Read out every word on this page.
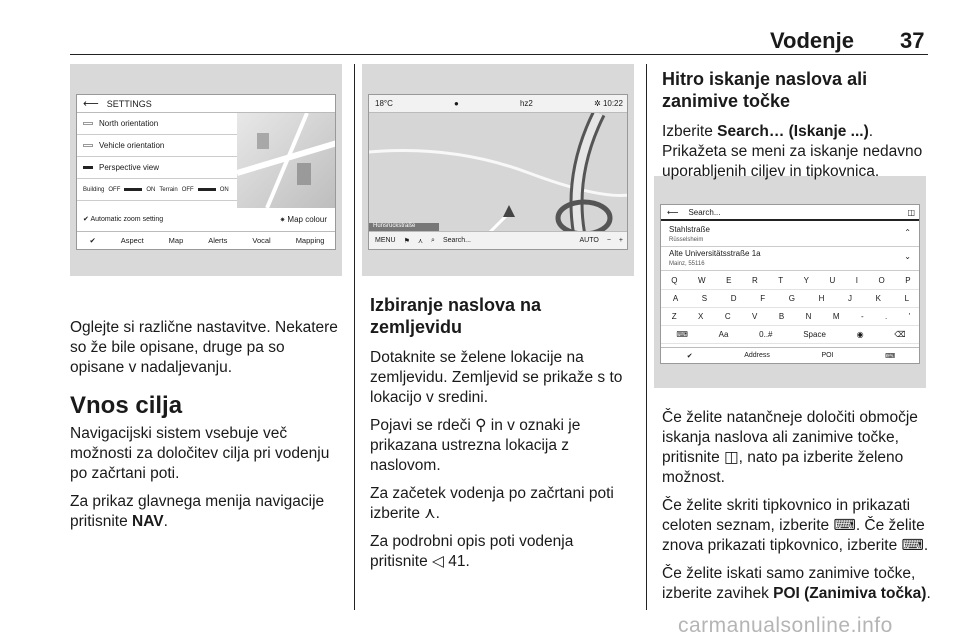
Vodenje 37
⟵ SETTINGS
North orientation
Vehicle orientation
Perspective view
Building OFF	ON Terrain OFF	ON
✔ Automatic zoom setting	✷ Map colour
✔	Aspect	Map	Alerts	Vocal	Mapping
18°C	●	hz2	✲ 10:22
Hunsrückstraße
MENU ⚑ ⋏ ⌕ Search...	AUTO − +
⟵ Search...	◫
Stahlstraße
Rüsselsheim
⌃
Alte Universitätsstraße 1a
Mainz, 55116
⌄
Q	W	E	R	T	Y	U	I	O	P
A	S	D	F	G	H	J	K	L
Z	X	C	V	B	N	M	-	.	'
⌨	Aa	0..#	Space	◉	⌫
✔	Address	POI	⌨

Oglejte si različne nastavitve. Nekatere so že bile opisane, druge pa so opisane v nadaljevanju.

Vnos cilja

Navigacijski sistem vsebuje več možnosti za določitev cilja pri vodenju po začrtani poti.

Za prikaz glavnega menija navigacije pritisnite NAV.

Izbiranje naslova na zemljevidu

Dotaknite se želene lokacije na zemljevidu. Zemljevid se prikaže s to lokacijo v sredini.

Pojavi se rdeči ⚲ in v oznaki je prikazana ustrezna lokacija z naslovom.

Za začetek vodenja po začrtani poti izberite ⋏.

Za podrobni opis poti vodenja pritisnite ◁ 41.

Hitro iskanje naslova ali zanimive točke

Izberite Search… (Iskanje ...). Prikažeta se meni za iskanje nedavno uporabljenih ciljev in tipkovnica.

Če želite natančneje določiti območje iskanja naslova ali zanimive točke, pritisnite ◫, nato pa izberite želeno možnost.

Če želite skriti tipkovnico in prikazati celoten seznam, izberite ⌨. Če želite znova prikazati tipkovnico, izberite ⌨.

Če želite iskati samo zanimive točke, izberite zavihek POI (Zanimiva točka).

carmanualsonline.info
